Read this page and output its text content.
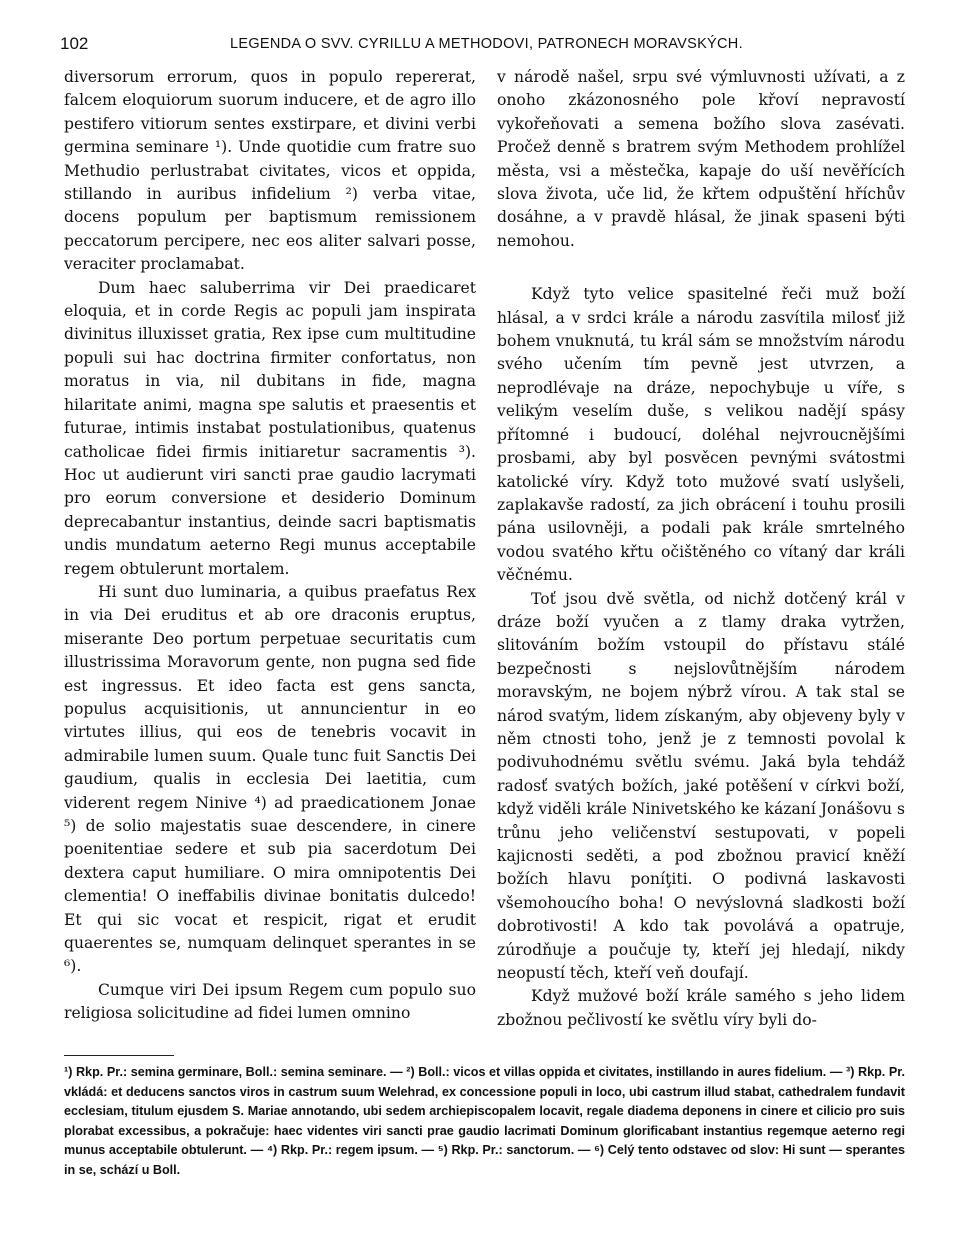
102	LEGENDA O SVV. CYRILLU A METHODOVI, PATRONECH MORAVSKÝCH.

diversorum errorum, quos in populo repererat, falcem eloquiorum suorum inducere, et de agro illo pestifero vitiorum sentes exstirpare, et divini verbi germina seminare ¹). Unde quotidie cum fratre suo Methudio perlustrabat civitates, vicos et oppida, stillando in auribus infidelium ²) verba vitae, docens populum per baptismum remissionem peccatorum percipere, nec eos aliter salvari posse, veraciter proclamabat.

Dum haec saluberrima vir Dei praedicaret eloquia, et in corde Regis ac populi jam inspirata divinitus illuxisset gratia, Rex ipse cum multitudine populi sui hac doctrina firmiter confortatus, non moratus in via, nil dubitans in fide, magna hilaritate animi, magna spe salutis et praesentis et futurae, intimis instabat postulationibus, quatenus catholicae fidei firmis initiaretur sacramentis ³). Hoc ut audierunt viri sancti prae gaudio lacrymati pro eorum conversione et desiderio Dominum deprecabantur instantius, deinde sacri baptismatis undis mundatum aeterno Regi munus acceptabile regem obtulerunt mortalem.

Hi sunt duo luminaria, a quibus praefatus Rex in via Dei eruditus et ab ore draconis eruptus, miserante Deo portum perpetuae securitatis cum illustrissima Moravorum gente, non pugna sed fide est ingressus. Et ideo facta est gens sancta, populus acquisitionis, ut annuncientur in eo virtutes illius, qui eos de tenebris vocavit in admirabile lumen suum. Quale tunc fuit Sanctis Dei gaudium, qualis in ecclesia Dei laetitia, cum viderent regem Ninive ⁴) ad praedicationem Jonae ⁵) de solio majestatis suae descendere, in cinere poenitentiae sedere et sub pia sacerdotum Dei dextera caput humiliare. O mira omnipotentis Dei clementia! O ineffabilis divinae bonitatis dulcedo! Et qui sic vocat et respicit, rigat et erudit quaerentes se, numquam delinquet sperantes in se ⁶).

Cumque viri Dei ipsum Regem cum populo suo religiosa solicitudine ad fidei lumen omnino

v národě našel, srpu své výmluvnosti užívati, a z onoho zkázonosného pole křoví nepravostí vykořeňovati a semena božího slova zasévati. Pročež denně s bratrem svým Methodem prohlížel města, vsi a městečka, kapaje do uší nevěřících slova života, uče lid, že křtem odpuštění hříchův dosáhne, a v pravdě hlásal, že jinak spaseni býti nemohou.

Když tyto velice spasitelné řeči muž boží hlásal, a v srdci krále a národu zasvítila milosť již bohem vnuknutá, tu král sám se množstvím národu svého učením tím pevně jest utvrzen, a neprodlévaje na dráze, nepochybuje u víře, s velikým veselím duše, s velikou nadějí spásy přítomné i budoucí, doléhal nejvroucnějšími prosbami, aby byl posvěcen pevnými svátostmi katolické víry. Když toto mužové svatí uslyšeli, zaplakavše radostí, za jich obrácení i touhu prosili pána usilovněji, a podali pak krále smrtelného vodou svatého křtu očištěného co vítaný dar králi věčnému.

Toť jsou dvě světla, od nichž dotčený král v dráze boží vyučen a z tlamy draka vytržen, slitováním božím vstoupil do přístavu stálé bezpečnosti s nejslovůtnějším národem moravským, ne bojem nýbrž vírou. A tak stal se národ svatým, lidem získaným, aby objeveny byly v něm ctnosti toho, jenž je z temnosti povolal k podivuhodnému světlu svému. Jaká byla tehdáž radosť svatých božích, jaké potěšení v církvi boží, když viděli krále Ninivetského ke kázaní Jonášovu s trůnu jeho veličenství sestupovati, v popeli kajicnosti seděti, a pod zbožnou pravicí kněží božích hlavu poníţiti. O podivná laskavosti všemohoucího boha! O nevýslovná sladkosti boží dobrotivosti! A kdo tak povolává a opatruje, zúrodňuje a poučuje ty, kteří jej hledají, nikdy neopustí těch, kteří veň doufají.

Když mužové boží krále samého s jeho lidem zbožnou pečlivostí ke světlu víry byli do-

¹) Rkp. Pr.: semina germinare, Boll.: semina seminare. — ²) Boll.: vicos et villas oppida et civitates, instillando in aures fidelium. — ³) Rkp. Pr. vkládá: et deducens sanctos viros in castrum suum Welehrad, ex concessione populi in loco, ubi castrum illud stabat, cathedralem fundavit ecclesiam, titulum ejusdem S. Mariae annotando, ubi sedem archiepiscopalem locavit, regale diadema deponens in cinere et cilicio pro suis plorabat excessibus, a pokračuje: haec videntes viri sancti prae gaudio lacrimati Dominum glorificabant instantius regemque aeterno regi munus acceptabile obtulerunt. — ⁴) Rkp. Pr.: regem ipsum. — ⁵) Rkp. Pr.: sanctorum. — ⁶) Celý tento odstavec od slov: Hi sunt — sperantes in se, schází u Boll.
